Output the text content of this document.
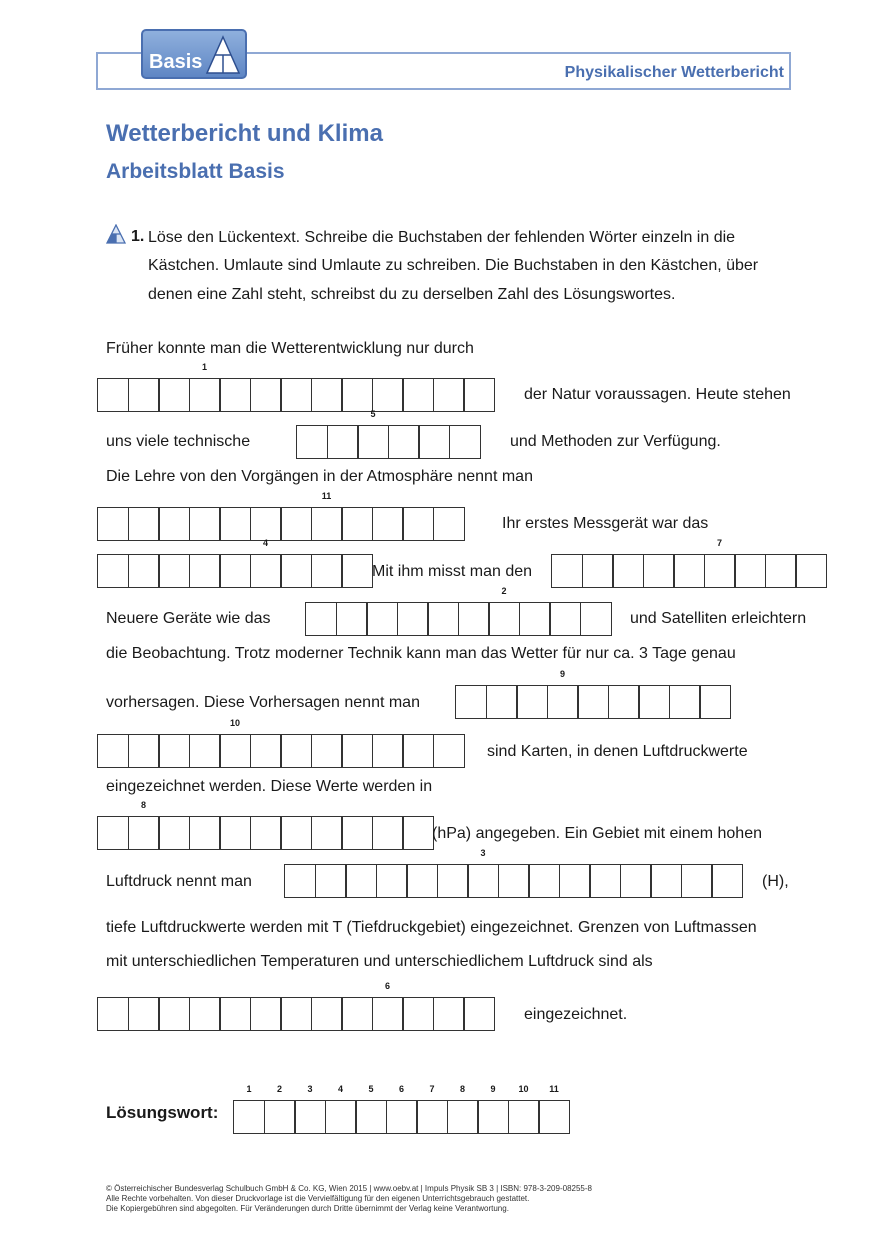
Basis	Physikalischer Wetterbericht
Wetterbericht und Klima
Arbeitsblatt Basis
1. Löse den Lückentext. Schreibe die Buchstaben der fehlenden Wörter einzeln in die
Kästchen. Umlaute sind Umlaute zu schreiben. Die Buchstaben in den Kästchen, über
denen eine Zahl steht, schreibst du zu derselben Zahl des Lösungswortes.
Früher konnte man die Wetterentwicklung nur durch
1
der Natur voraussagen. Heute stehen
uns viele technische
5
und Methoden zur Verfügung.
Die Lehre von den Vorgängen in der Atmosphäre nennt man
11
Ihr erstes Messgerät war das
4
Mit ihm misst man den
7
Neuere Geräte wie das
2
und Satelliten erleichtern
die Beobachtung. Trotz moderner Technik kann man das Wetter für nur ca. 3 Tage genau
vorhersagen. Diese Vorhersagen nennt man
9
10
sind Karten, in denen Luftdruckwerte
eingezeichnet werden. Diese Werte werden in
8
(hPa) angegeben. Ein Gebiet mit einem hohen
Luftdruck nennt man
3
(H),
tiefe Luftdruckwerte werden mit T (Tiefdruckgebiet) eingezeichnet. Grenzen von Luftmassen
mit unterschiedlichen Temperaturen und unterschiedlichem Luftdruck sind als
6
eingezeichnet.
Lösungswort:
1	2	3	4	5	6	7	8	9	10	11
© Österreichischer Bundesverlag Schulbuch GmbH & Co. KG, Wien 2015 | www.oebv.at | Impuls Physik SB 3 | ISBN: 978-3-209-08255-8
Alle Rechte vorbehalten. Von dieser Druckvorlage ist die Vervielfältigung für den eigenen Unterrichtsgebrauch gestattet.
Die Kopiergebühren sind abgegolten. Für Veränderungen durch Dritte übernimmt der Verlag keine Verantwortung.
